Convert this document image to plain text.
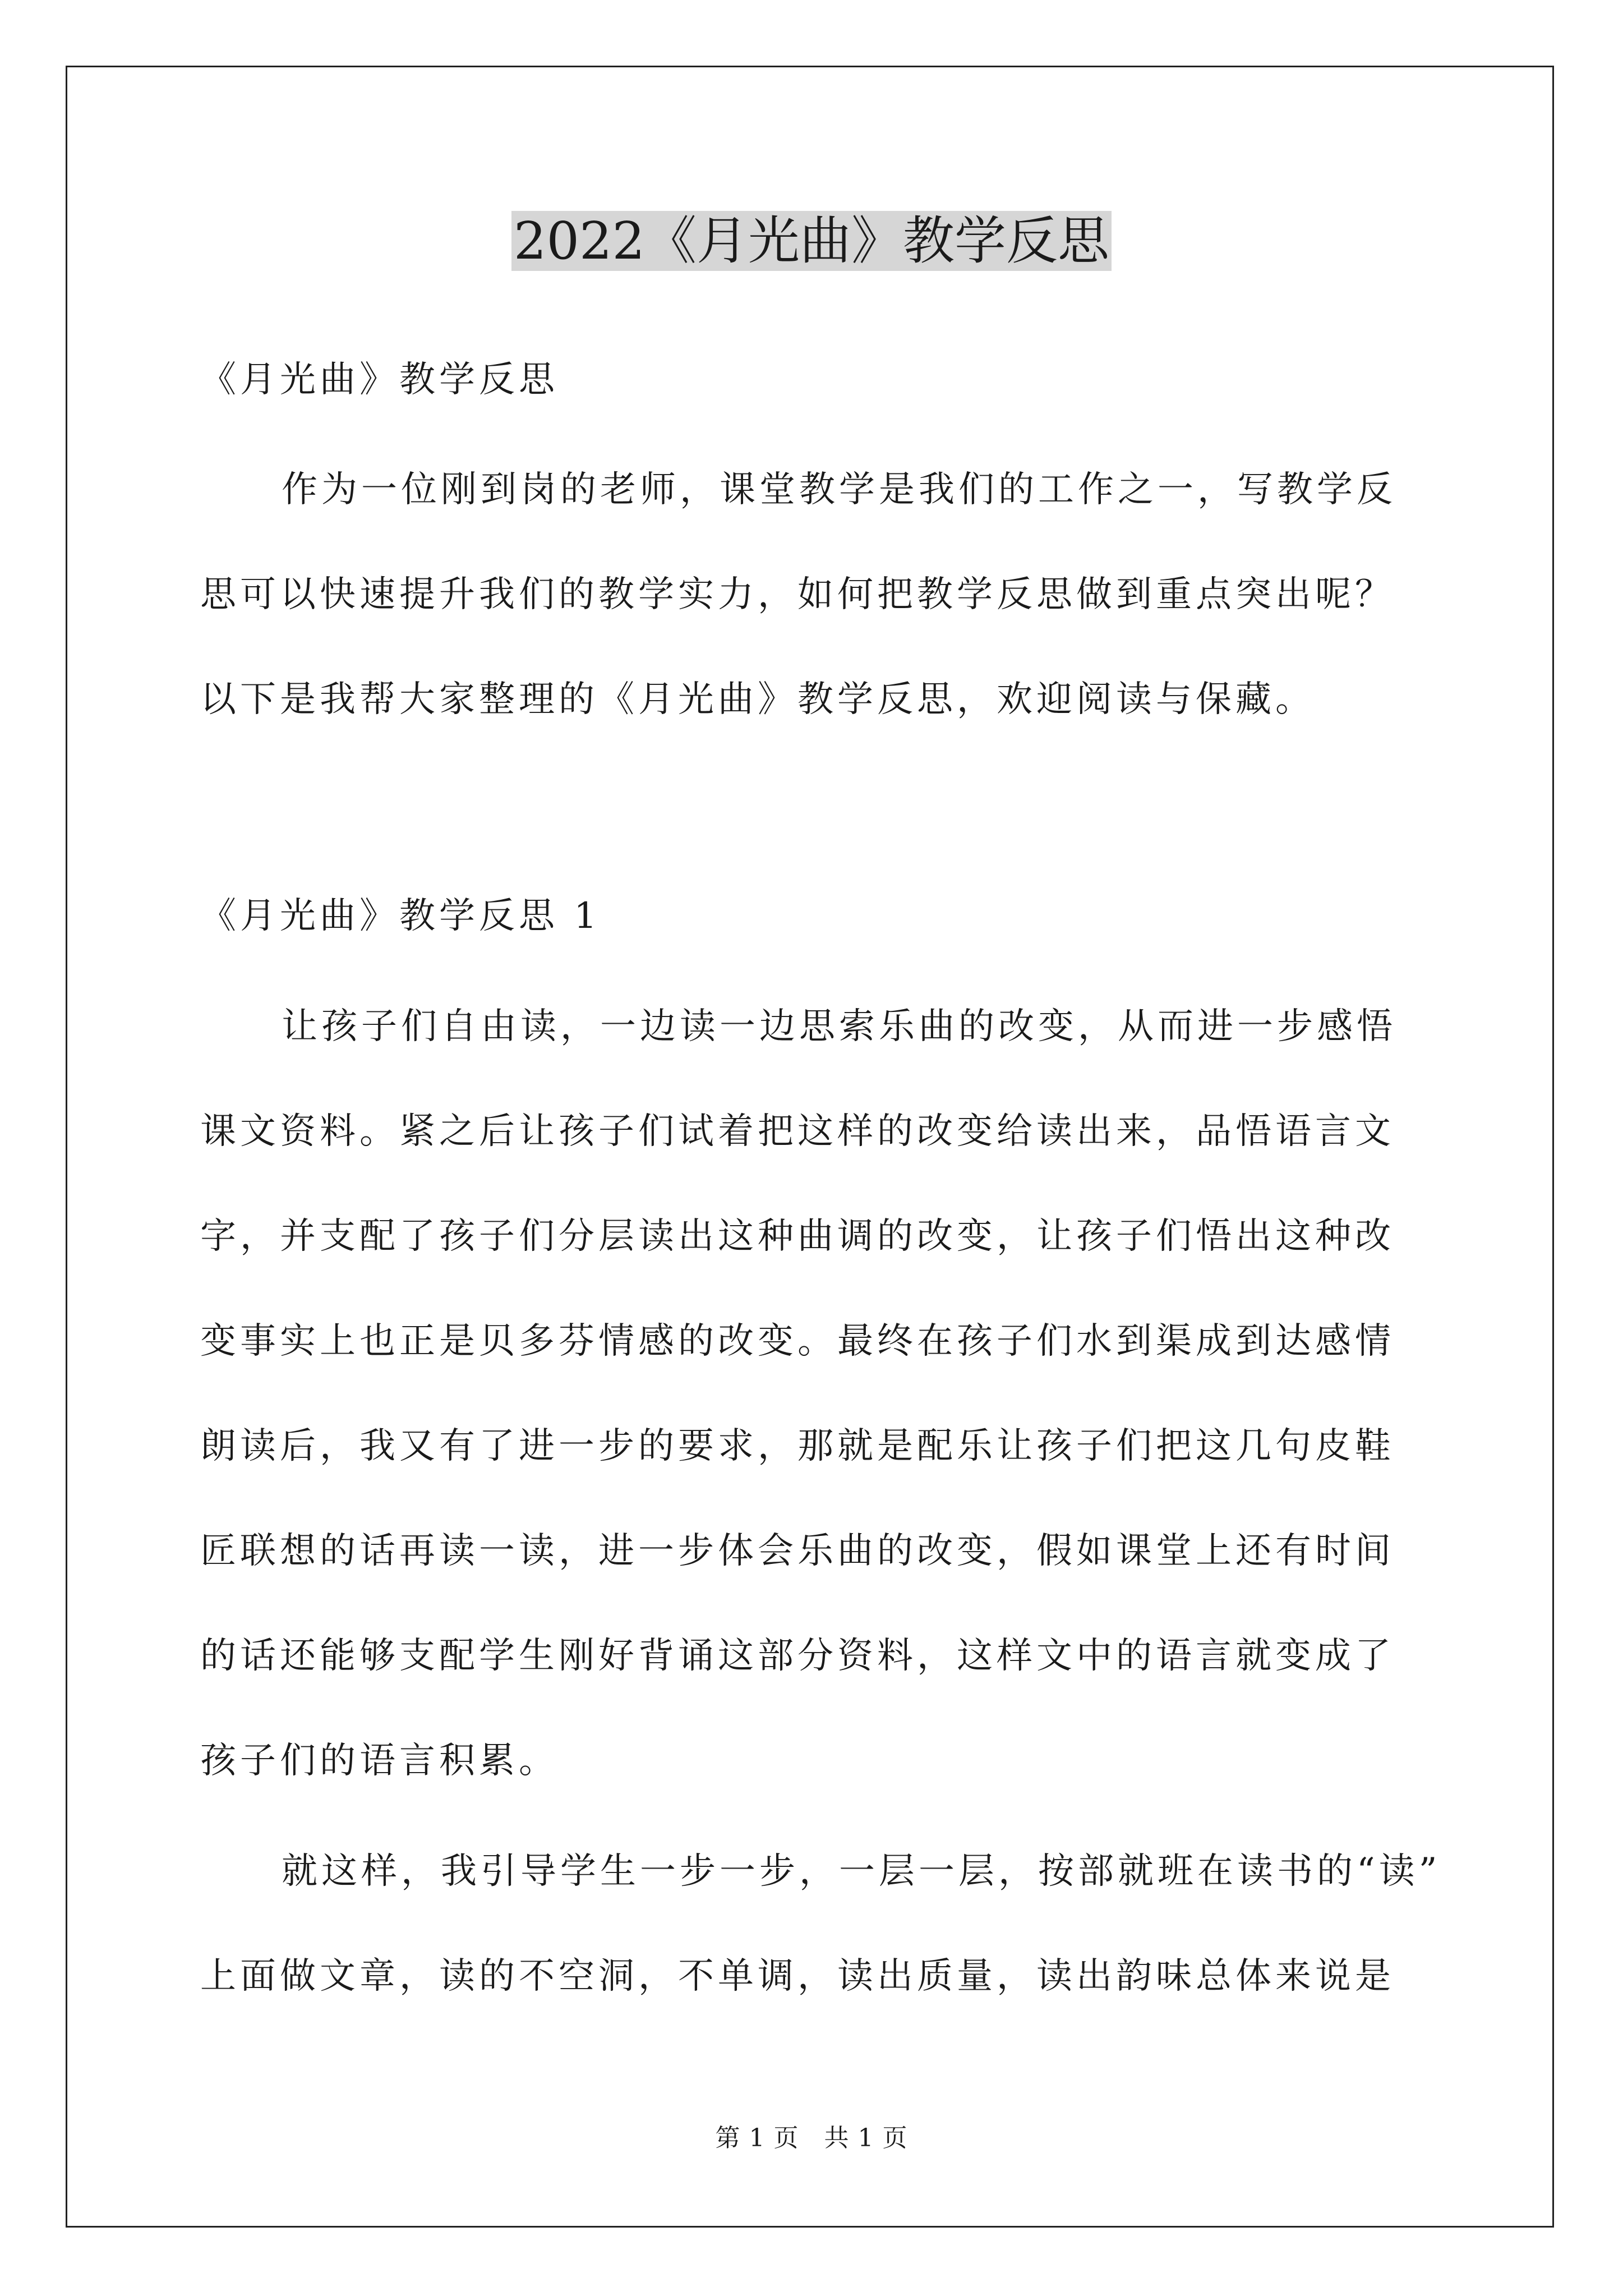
2022《月光曲》教学反思
《月光曲》教学反思
作为一位刚到岗的老师，课堂教学是我们的工作之一，写教学反
思可以快速提升我们的教学实力，如何把教学反思做到重点突出呢？
以下是我帮大家整理的《月光曲》教学反思，欢迎阅读与保藏。
《月光曲》教学反思 1
让孩子们自由读，一边读一边思索乐曲的改变，从而进一步感悟
课文资料。紧之后让孩子们试着把这样的改变给读出来，品悟语言文
字，并支配了孩子们分层读出这种曲调的改变，让孩子们悟出这种改
变事实上也正是贝多芬情感的改变。最终在孩子们水到渠成到达感情
朗读后，我又有了进一步的要求，那就是配乐让孩子们把这几句皮鞋
匠联想的话再读一读，进一步体会乐曲的改变，假如课堂上还有时间
的话还能够支配学生刚好背诵这部分资料，这样文中的语言就变成了
孩子们的语言积累。
就这样，我引导学生一步一步，一层一层，按部就班在读书的“读”
上面做文章，读的不空洞，不单调，读出质量，读出韵味总体来说是
第 1 页　共 1 页
